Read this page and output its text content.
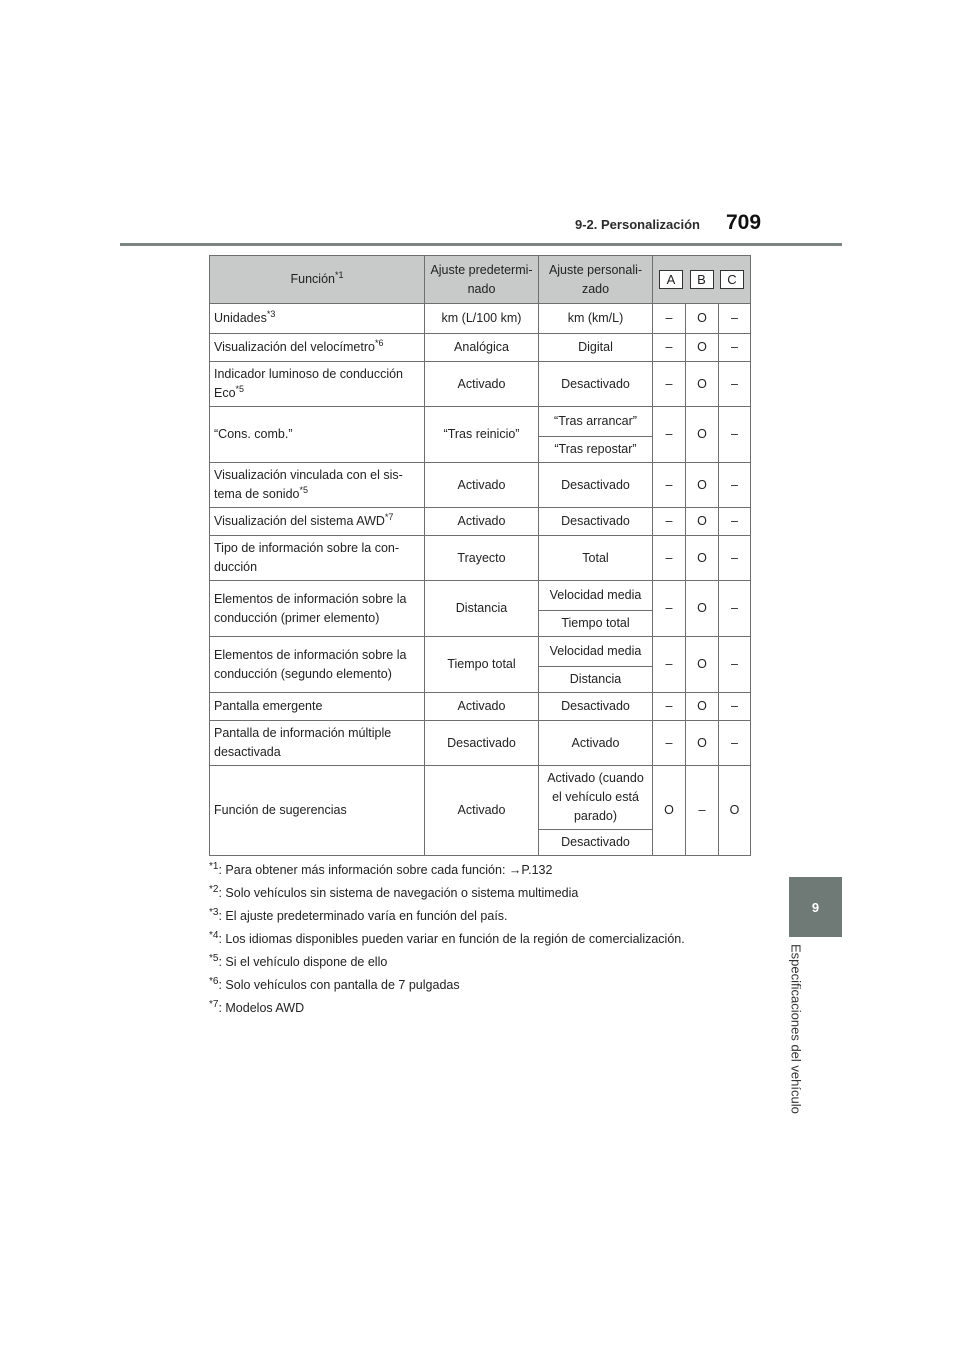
9-2. Personalización 709
9
Especificaciones del vehículo
Función$^{*1}$	Ajuste predetermi-nado	Ajuste personali-zado	A B C		

Unidades$^{*3}$	km (L/100 km)	km (km/L)	–	O	–
Visualización del velocímetro$^{*6}$	Analógica	Digital	–	O	–
Indicador luminoso de conducción Eco$^{*5}$	Activado	Desactivado	–	O	–
“Cons. comb.”	“Tras reinicio”	“Tras arrancar”	–	O	–
		“Tras repostar”			
Visualización vinculada con el sis-tema de sonido$^{*5}$	Activado	Desactivado	–	O	–
Visualización del sistema AWD$^{*7}$	Activado	Desactivado	–	O	–
Tipo de información sobre la con-ducción	Trayecto	Total	–	O	–
Elementos de información sobre la conducción (primer elemento)	Distancia	Velocidad media	–	O	–
		Tiempo total			
Elementos de información sobre la conducción (segundo elemento)	Tiempo total	Velocidad media	–	O	–
		Distancia			
Pantalla emergente	Activado	Desactivado	–	O	–
Pantalla de información múltiple desactivada	Desactivado	Activado	–	O	–
Función de sugerencias	Activado	Activado (cuando el vehículo está parado)	O	–	O
		Desactivado			
$^{*1}$: Para obtener más información sobre cada función: →P.132
$^{*2}$: Solo vehículos sin sistema de navegación o sistema multimedia
$^{*3}$: El ajuste predeterminado varía en función del país.
$^{*4}$: Los idiomas disponibles pueden variar en función de la región de comercialización.
$^{*5}$: Si el vehículo dispone de ello
$^{*6}$: Solo vehículos con pantalla de 7 pulgadas
$^{*7}$: Modelos AWD
